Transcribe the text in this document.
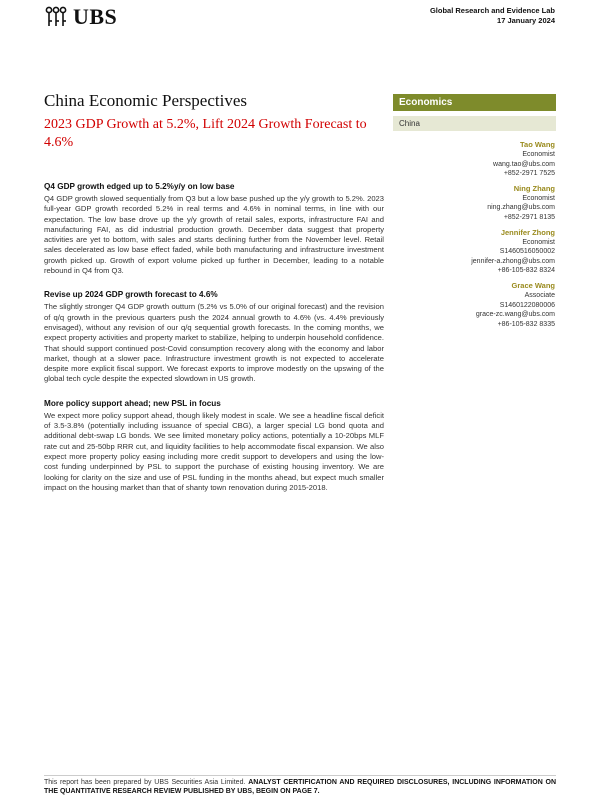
UBS	Global Research and Evidence Lab
17 January 2024
China Economic Perspectives
2023 GDP Growth at 5.2%, Lift 2024 Growth Forecast to 4.6%
Economics
China
Tao Wang
Economist
wang.tao@ubs.com
+852-2971 7525
Ning Zhang
Economist
ning.zhang@ubs.com
+852-2971 8135
Jennifer Zhong
Economist
S1460516050002
jennifer-a.zhong@ubs.com
+86-105-832 8324
Grace Wang
Associate
S1460122080006
grace-zc.wang@ubs.com
+86-105-832 8335
Q4 GDP growth edged up to 5.2%y/y on low base

Q4 GDP growth slowed sequentially from Q3 but a low base pushed up the y/y growth to 5.2%. 2023 full-year GDP growth recorded 5.2% in real terms and 4.6% in nominal terms, in line with our expectation. The low base drove up the y/y growth of retail sales, exports, infrastructure FAI and manufacturing FAI, as did industrial production growth. December data suggest that property activities are yet to bottom, with sales and starts declining further from the November level. Retail sales decelerated as low base effect faded, while both manufacturing and infrastructure investment growth picked up. Growth of export volume picked up further in December, leading to a notable rebound in Q4 from Q3.

Revise up 2024 GDP growth forecast to 4.6%

The slightly stronger Q4 GDP growth outturn (5.2% vs 5.0% of our original forecast) and the revision of q/q growth in the previous quarters push the 2024 annual growth to 4.6% (vs. 4.4% previously envisaged), without any revision of our q/q sequential growth forecasts. In the coming months, we expect property activities and property market to stabilize, helping to underpin household confidence. That should support continued post-Covid consumption recovery along with the economy and labor market, though at a slower pace. Infrastructure investment growth is not expected to accelerate despite more explicit fiscal support. We forecast exports to improve modestly on the upswing of the global tech cycle despite the expected slowdown in US growth.

More policy support ahead; new PSL in focus

We expect more policy support ahead, though likely modest in scale. We see a headline fiscal deficit of 3.5-3.8% (potentially including issuance of special CBG), a larger special LG bond quota and additional debt-swap LG bonds. We see limited monetary policy actions, potentially a 10-20bps MLF rate cut and 25-50bp RRR cut, and liquidity facilities to help accommodate fiscal expansion. We also expect more property policy easing including more credit support to developers and using the low-cost funding underpinned by PSL to support the purchase of existing housing inventory. We are looking for clarity on the size and use of PSL funding in the months ahead, but expect much smaller impact on the housing market than that of shanty town renovation during 2015-2018.

This report has been prepared by UBS Securities Asia Limited. ANALYST CERTIFICATION AND REQUIRED DISCLOSURES, INCLUDING INFORMATION ON THE QUANTITATIVE RESEARCH REVIEW PUBLISHED BY UBS, BEGIN ON PAGE 7.
